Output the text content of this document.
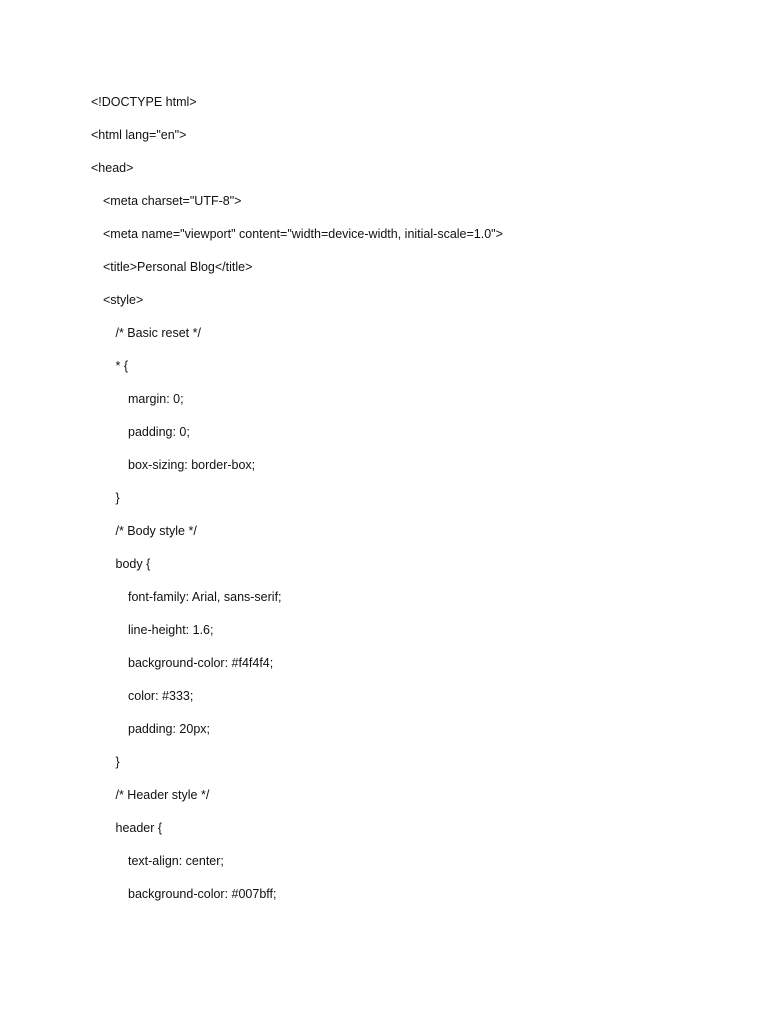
<!DOCTYPE html>
<html lang="en">
<head>
<meta charset="UTF-8">
<meta name="viewport" content="width=device-width, initial-scale=1.0">
<title>Personal Blog</title>
<style>
/* Basic reset */
* {
margin: 0;
padding: 0;
box-sizing: border-box;
}
/* Body style */
body {
font-family: Arial, sans-serif;
line-height: 1.6;
background-color: #f4f4f4;
color: #333;
padding: 20px;
}
/* Header style */
header {
text-align: center;
background-color: #007bff;
